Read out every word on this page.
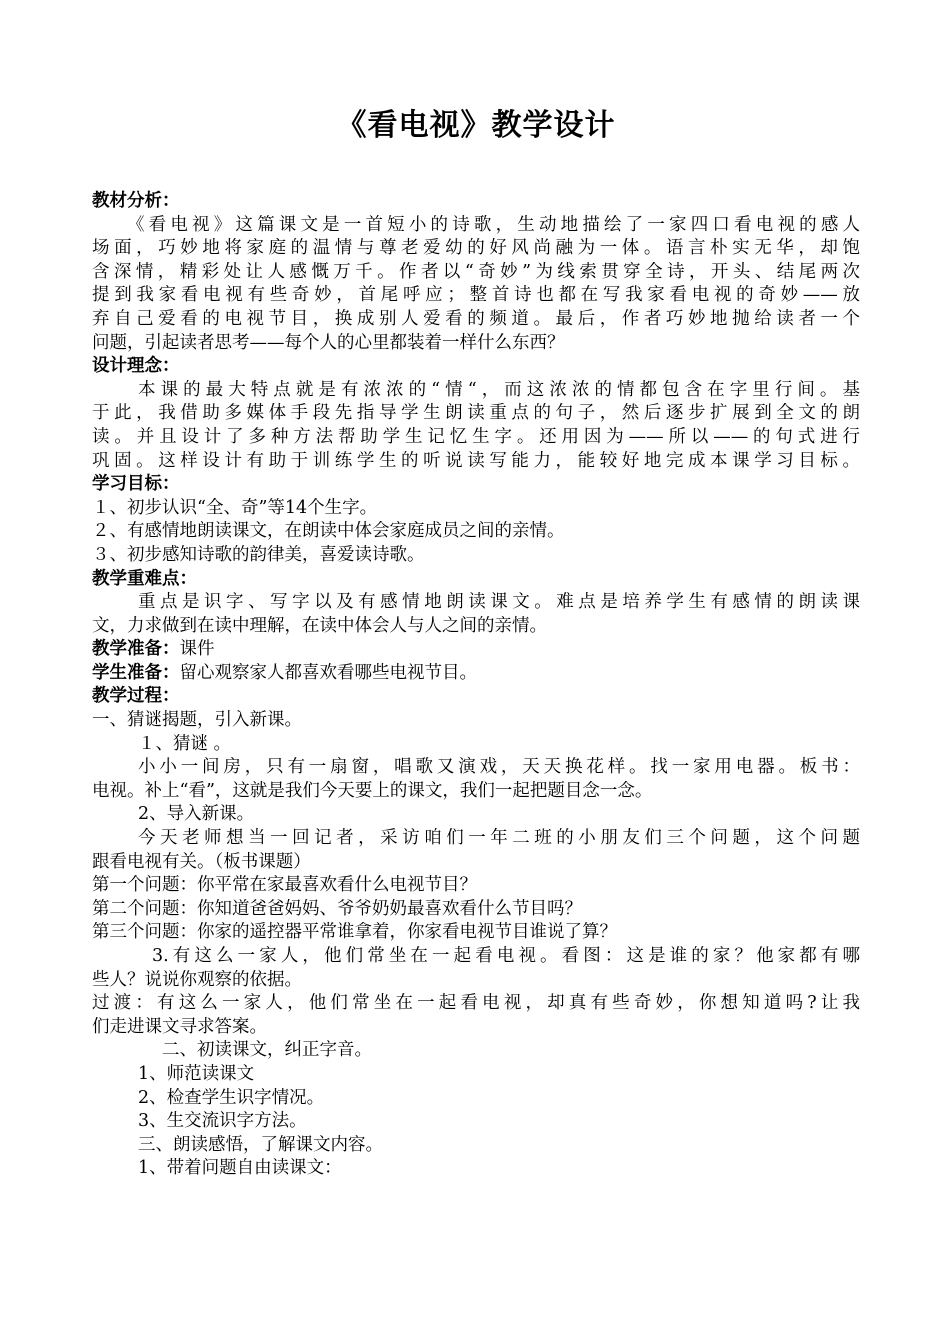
《看电视》教学设计
教材分析：
《看电视》这篇课文是一首短小的诗歌，生动地描绘了一家四口看电视的感人
场面，巧妙地将家庭的温情与尊老爱幼的好风尚融为一体。语言朴实无华，却饱
含深情，精彩处让人感慨万千。作者以“奇妙”为线索贯穿全诗，开头、结尾两次
提到我家看电视有些奇妙，首尾呼应；整首诗也都在写我家看电视的奇妙——放
弃自己爱看的电视节目，换成别人爱看的频道。最后，作者巧妙地抛给读者一个
问题，引起读者思考——每个人的心里都装着一样什么东西？
设计理念：
本课的最大特点就是有浓浓的“情“，而这浓浓的情都包含在字里行间。基
于此，我借助多媒体手段先指导学生朗读重点的句子，然后逐步扩展到全文的朗
读。并且设计了多种方法帮助学生记忆生字。还用因为——所以——的句式进行
巩固。这样设计有助于训练学生的听说读写能力，能较好地完成本课学习目标。
学习目标：
１、初步认识“全、奇”等14个生字。
２、有感情地朗读课文，在朗读中体会家庭成员之间的亲情。
３、初步感知诗歌的韵律美，喜爱读诗歌。
教学重难点：
重点是识字、写字以及有感情地朗读课文。难点是培养学生有感情的朗读课
文，力求做到在读中理解，在读中体会人与人之间的亲情。
教学准备：课件
学生准备：留心观察家人都喜欢看哪些电视节目。
教学过程：
一、猜谜揭题，引入新课。
１、猜谜 。
小小一间房，只有一扇窗，唱歌又演戏，天天换花样。找一家用电器。板书：
电视。补上“看”，这就是我们今天要上的课文，我们一起把题目念一念。
2、导入新课。
今天老师想当一回记者，采访咱们一年二班的小朋友们三个问题，这个问题
跟看电视有关。（板书课题）
第一个问题：你平常在家最喜欢看什么电视节目？
第二个问题：你知道爸爸妈妈、爷爷奶奶最喜欢看什么节目吗？
第三个问题：你家的遥控器平常谁拿着，你家看电视节目谁说了算？
3.有这么一家人，他们常坐在一起看电视。看图：这是谁的家？他家都有哪
些人？说说你观察的依据。
过渡：有这么一家人，他们常坐在一起看电视，却真有些奇妙，你想知道吗?让我
们走进课文寻求答案。
二、初读课文，纠正字音。
1、师范读课文
2、检查学生识字情况。
3、生交流识字方法。
三、朗读感悟，了解课文内容。
1、带着问题自由读课文：
